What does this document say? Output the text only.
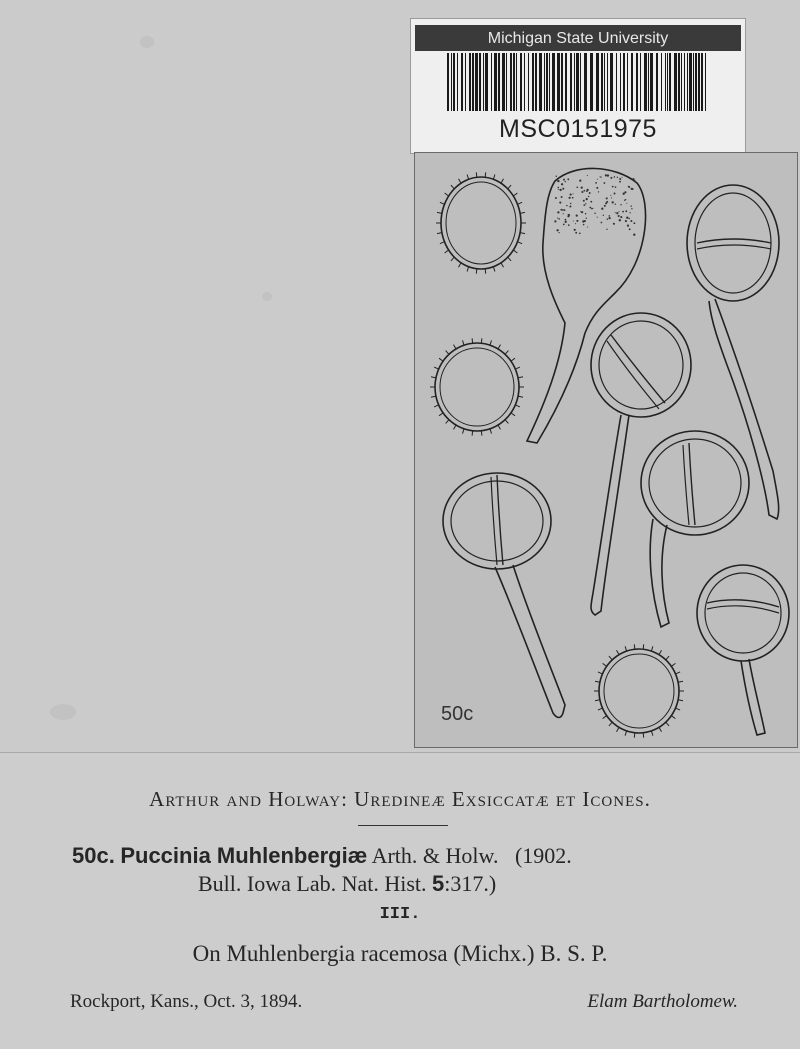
Michigan State University
MSC0151975
50c
Arthur and Holway: Uredineæ Exsiccatæ et Icones.
50c. Puccinia Muhlenbergiæ Arth. & Holw. (1902.
Bull. Iowa Lab. Nat. Hist. 5:317.)
III.
On Muhlenbergia racemosa (Michx.) B. S. P.
Rockport, Kans., Oct. 3, 1894.	Elam Bartholomew.
